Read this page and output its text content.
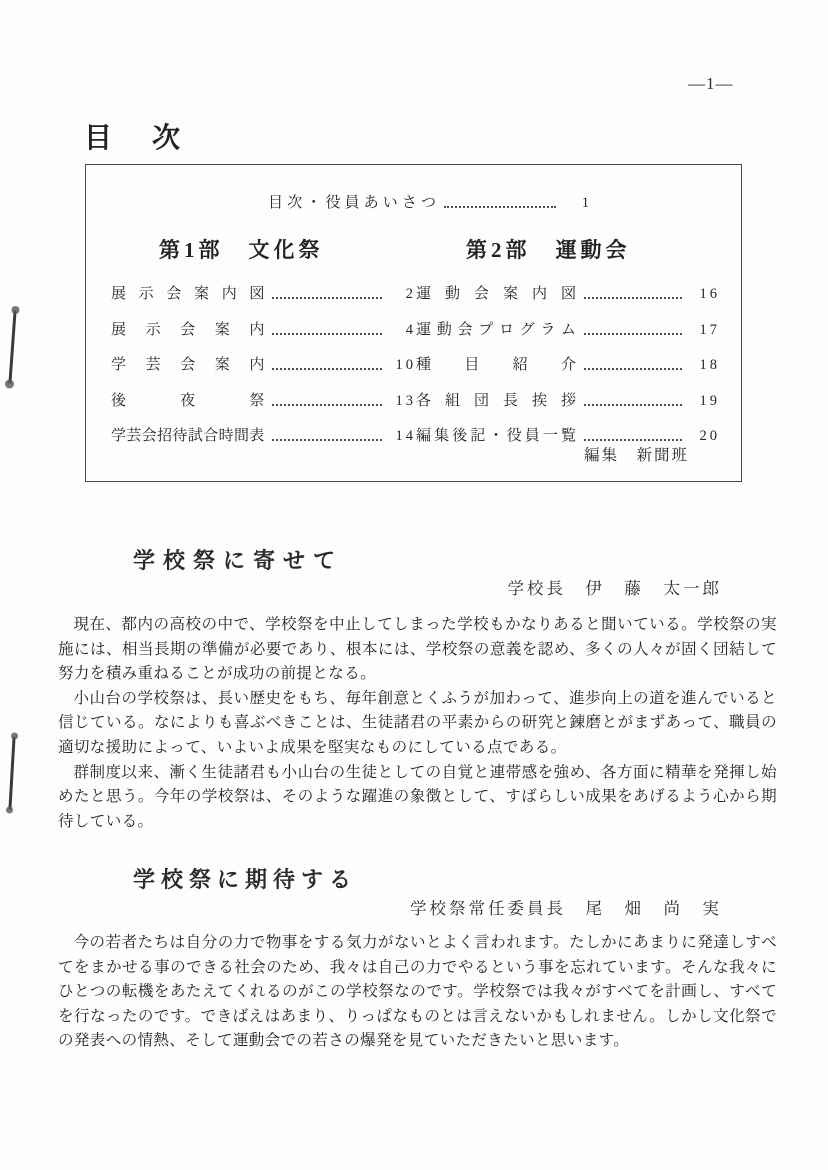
—1—
目　次
目次・役員あいさつ	1
第1部　文化祭
展示会案内図	2
展示会案内	4
学芸会案内	10
後夜祭	13
学芸会招待試合時間表	14
第2部　運動会
運動会案内図	16
運動会プログラム	17
種目紹介	18
各組団長挨拶	19
編集後記・役員一覧	20
編集　新聞班
学校祭に寄せて
学校長　伊　藤　太一郎

現在、都内の高校の中で、学校祭を中止してしまった学校もかなりあると聞いている。学校祭の実施には、相当長期の準備が必要であり、根本には、学校祭の意義を認め、多くの人々が固く団結して努力を積み重ねることが成功の前提となる。

小山台の学校祭は、長い歴史をもち、毎年創意とくふうが加わって、進歩向上の道を進んでいると信じている。なによりも喜ぶべきことは、生徒諸君の平素からの研究と錬磨とがまずあって、職員の適切な援助によって、いよいよ成果を堅実なものにしている点である。

群制度以来、漸く生徒諸君も小山台の生徒としての自覚と連帯感を強め、各方面に精華を発揮し始めたと思う。今年の学校祭は、そのような躍進の象徴として、すばらしい成果をあげるよう心から期待している。

学校祭に期待する
学校祭常任委員長　尾　畑　尚　実

今の若者たちは自分の力で物事をする気力がないとよく言われます。たしかにあまりに発達しすべてをまかせる事のできる社会のため、我々は自己の力でやるという事を忘れています。そんな我々にひとつの転機をあたえてくれるのがこの学校祭なのです。学校祭では我々がすべてを計画し、すべてを行なったのです。できばえはあまり、りっぱなものとは言えないかもしれません。しかし文化祭での発表への情熱、そして運動会での若さの爆発を見ていただきたいと思います。
